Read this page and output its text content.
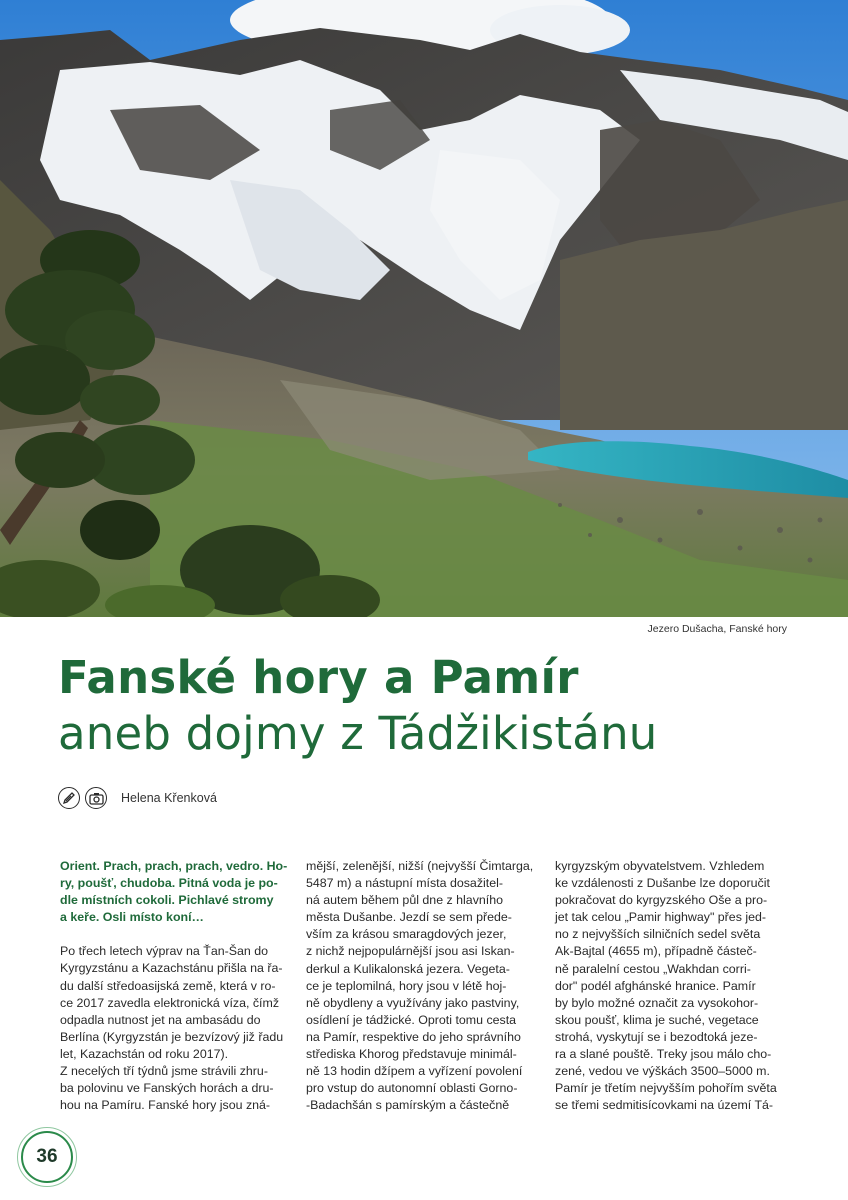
Jezero Dušacha, Fanské hory
Fanské hory a Pamír
aneb dojmy z Tádžikistánu
Helena Křenková

Orient. Prach, prach, prach, vedro. Ho-
ry, poušť, chudoba. Pitná voda je po-
dle místních cokoli. Pichlavé stromy
a keře. Osli místo koní…

Po třech letech výprav na Ťan-Šan do
Kyrgyzstánu a Kazachstánu přišla na řa-
du další středoasijská země, která v ro-
ce 2017 zavedla elektronická víza, čímž
odpadla nutnost jet na ambasádu do
Berlína (Kyrgyzstán je bezvízový již řadu
let, Kazachstán od roku 2017).
Z necelých tří týdnů jsme strávili zhru-
ba polovinu ve Fanských horách a dru-
hou na Pamíru. Fanské hory jsou zná-

mější, zelenější, nižší (nejvyšší Čimtarga,
5487 m) a nástupní místa dosažitel-
ná autem během půl dne z hlavního
města Dušanbe. Jezdí se sem přede-
vším za krásou smaragdových jezer,
z nichž nejpopulárnější jsou asi Iskan-
derkul a Kulikalonská jezera. Vegeta-
ce je teplomilná, hory jsou v létě hoj-
ně obydleny a využívány jako pastviny,
osídlení je tádžické. Oproti tomu cesta
na Pamír, respektive do jeho správního
střediska Khorog představuje minimál-
ně 13 hodin džípem a vyřízení povolení
pro vstup do autonomní oblasti Gorno-
-Badachšán s pamírským a částečně

kyrgyzským obyvatelstvem. Vzhledem
ke vzdálenosti z Dušanbe lze doporučit
pokračovat do kyrgyzského Oše a pro-
jet tak celou „Pamir highway" přes jed-
no z nejvyšších silničních sedel světa
Ak-Bajtal (4655 m), případně částeč-
ně paralelní cestou „Wakhdan corri-
dor" podél afghánské hranice. Pamír
by bylo možné označit za vysokohor-
skou poušť, klima je suché, vegetace
strohá, vyskytují se i bezodtoká jeze-
ra a slané pouště. Treky jsou málo cho-
zené, vedou ve výškách 3500–5000 m.
Pamír je třetím nejvyšším pohořím světa
se třemi sedmitisícovkami na území Tá-

36
